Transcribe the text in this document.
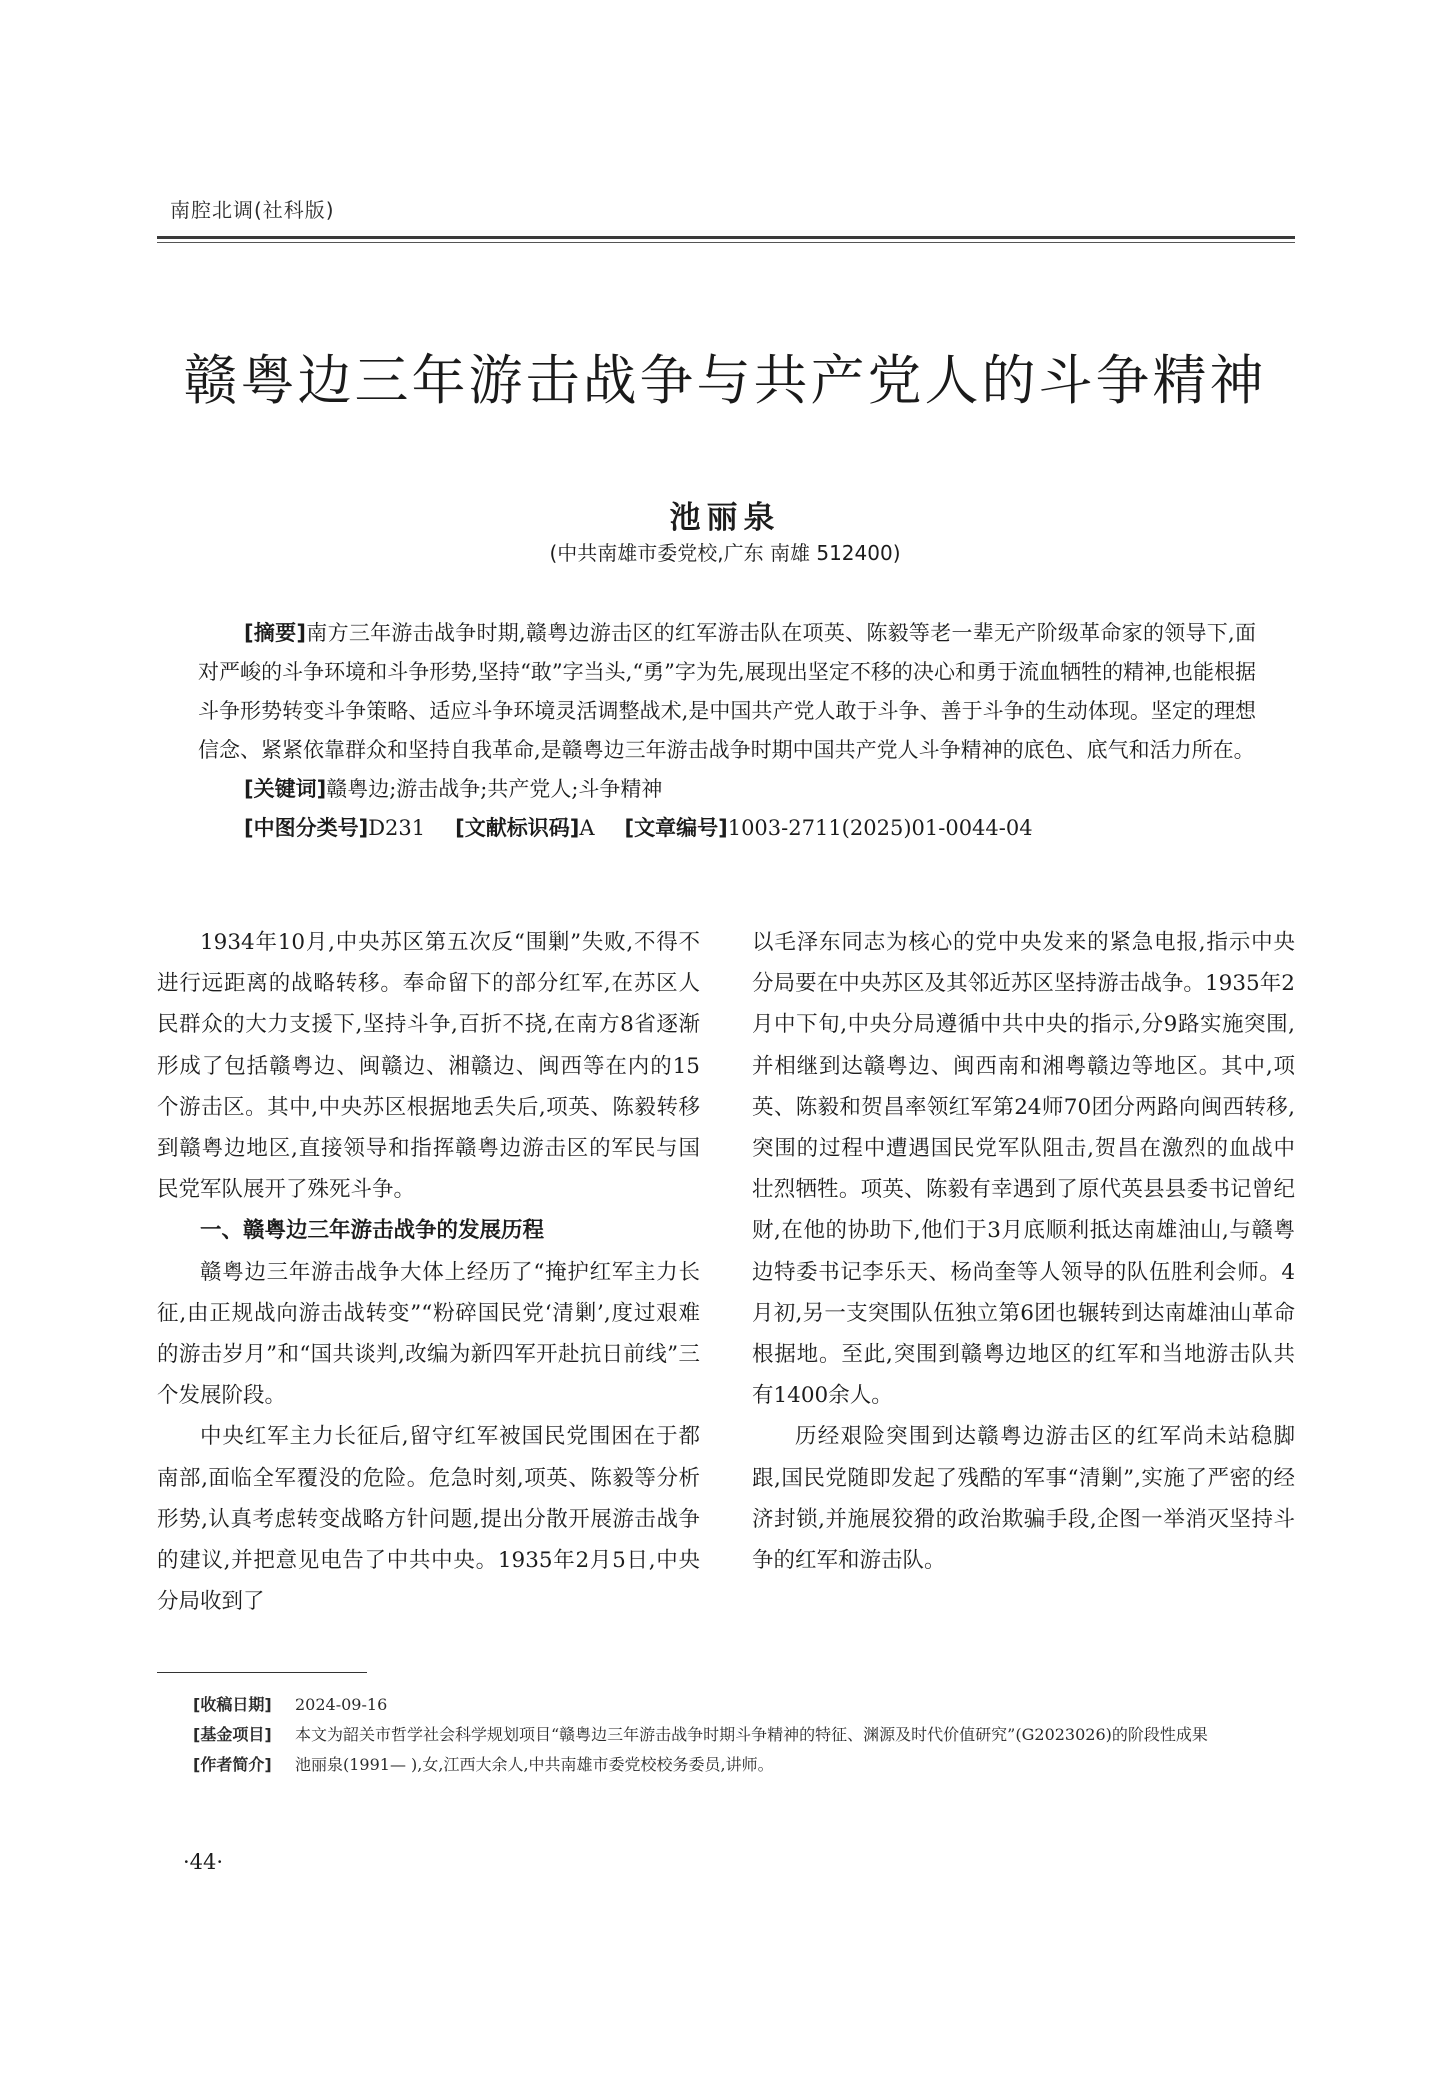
南腔北调(社科版)
赣粤边三年游击战争与共产党人的斗争精神
池丽泉
(中共南雄市委党校,广东 南雄 512400)

[摘要]南方三年游击战争时期,赣粤边游击区的红军游击队在项英、陈毅等老一辈无产阶级革命家的领导下,面对严峻的斗争环境和斗争形势,坚持“敢”字当头,“勇”字为先,展现出坚定不移的决心和勇于流血牺牲的精神,也能根据斗争形势转变斗争策略、适应斗争环境灵活调整战术,是中国共产党人敢于斗争、善于斗争的生动体现。坚定的理想信念、紧紧依靠群众和坚持自我革命,是赣粤边三年游击战争时期中国共产党人斗争精神的底色、底气和活力所在。

[关键词]赣粤边;游击战争;共产党人;斗争精神

[中图分类号]D231 [文献标识码]A [文章编号]1003-2711(2025)01-0044-04

1934年10月,中央苏区第五次反“围剿”失败,不得不进行远距离的战略转移。奉命留下的部分红军,在苏区人民群众的大力支援下,坚持斗争,百折不挠,在南方8省逐渐形成了包括赣粤边、闽赣边、湘赣边、闽西等在内的15个游击区。其中,中央苏区根据地丢失后,项英、陈毅转移到赣粤边地区,直接领导和指挥赣粤边游击区的军民与国民党军队展开了殊死斗争。

一、赣粤边三年游击战争的发展历程

赣粤边三年游击战争大体上经历了“掩护红军主力长征,由正规战向游击战转变”“粉碎国民党‘清剿’,度过艰难的游击岁月”和“国共谈判,改编为新四军开赴抗日前线”三个发展阶段。

中央红军主力长征后,留守红军被国民党围困在于都南部,面临全军覆没的危险。危急时刻,项英、陈毅等分析形势,认真考虑转变战略方针问题,提出分散开展游击战争的建议,并把意见电告了中共中央。1935年2月5日,中央分局收到了

以毛泽东同志为核心的党中央发来的紧急电报,指示中央分局要在中央苏区及其邻近苏区坚持游击战争。1935年2月中下旬,中央分局遵循中共中央的指示,分9路实施突围,并相继到达赣粤边、闽西南和湘粤赣边等地区。其中,项英、陈毅和贺昌率领红军第24师70团分两路向闽西转移,突围的过程中遭遇国民党军队阻击,贺昌在激烈的血战中壮烈牺牲。项英、陈毅有幸遇到了原代英县县委书记曾纪财,在他的协助下,他们于3月底顺利抵达南雄油山,与赣粤边特委书记李乐天、杨尚奎等人领导的队伍胜利会师。4月初,另一支突围队伍独立第6团也辗转到达南雄油山革命根据地。至此,突围到赣粤边地区的红军和当地游击队共有1400余人。

历经艰险突围到达赣粤边游击区的红军尚未站稳脚跟,国民党随即发起了残酷的军事“清剿”,实施了严密的经济封锁,并施展狡猾的政治欺骗手段,企图一举消灭坚持斗争的红军和游击队。

[收稿日期] 2024-09-16
[基金项目] 本文为韶关市哲学社会科学规划项目“赣粤边三年游击战争时期斗争精神的特征、渊源及时代价值研究”(G2023026)的阶段性成果
[作者简介] 池丽泉(1991— ),女,江西大余人,中共南雄市委党校校务委员,讲师。
·44·
